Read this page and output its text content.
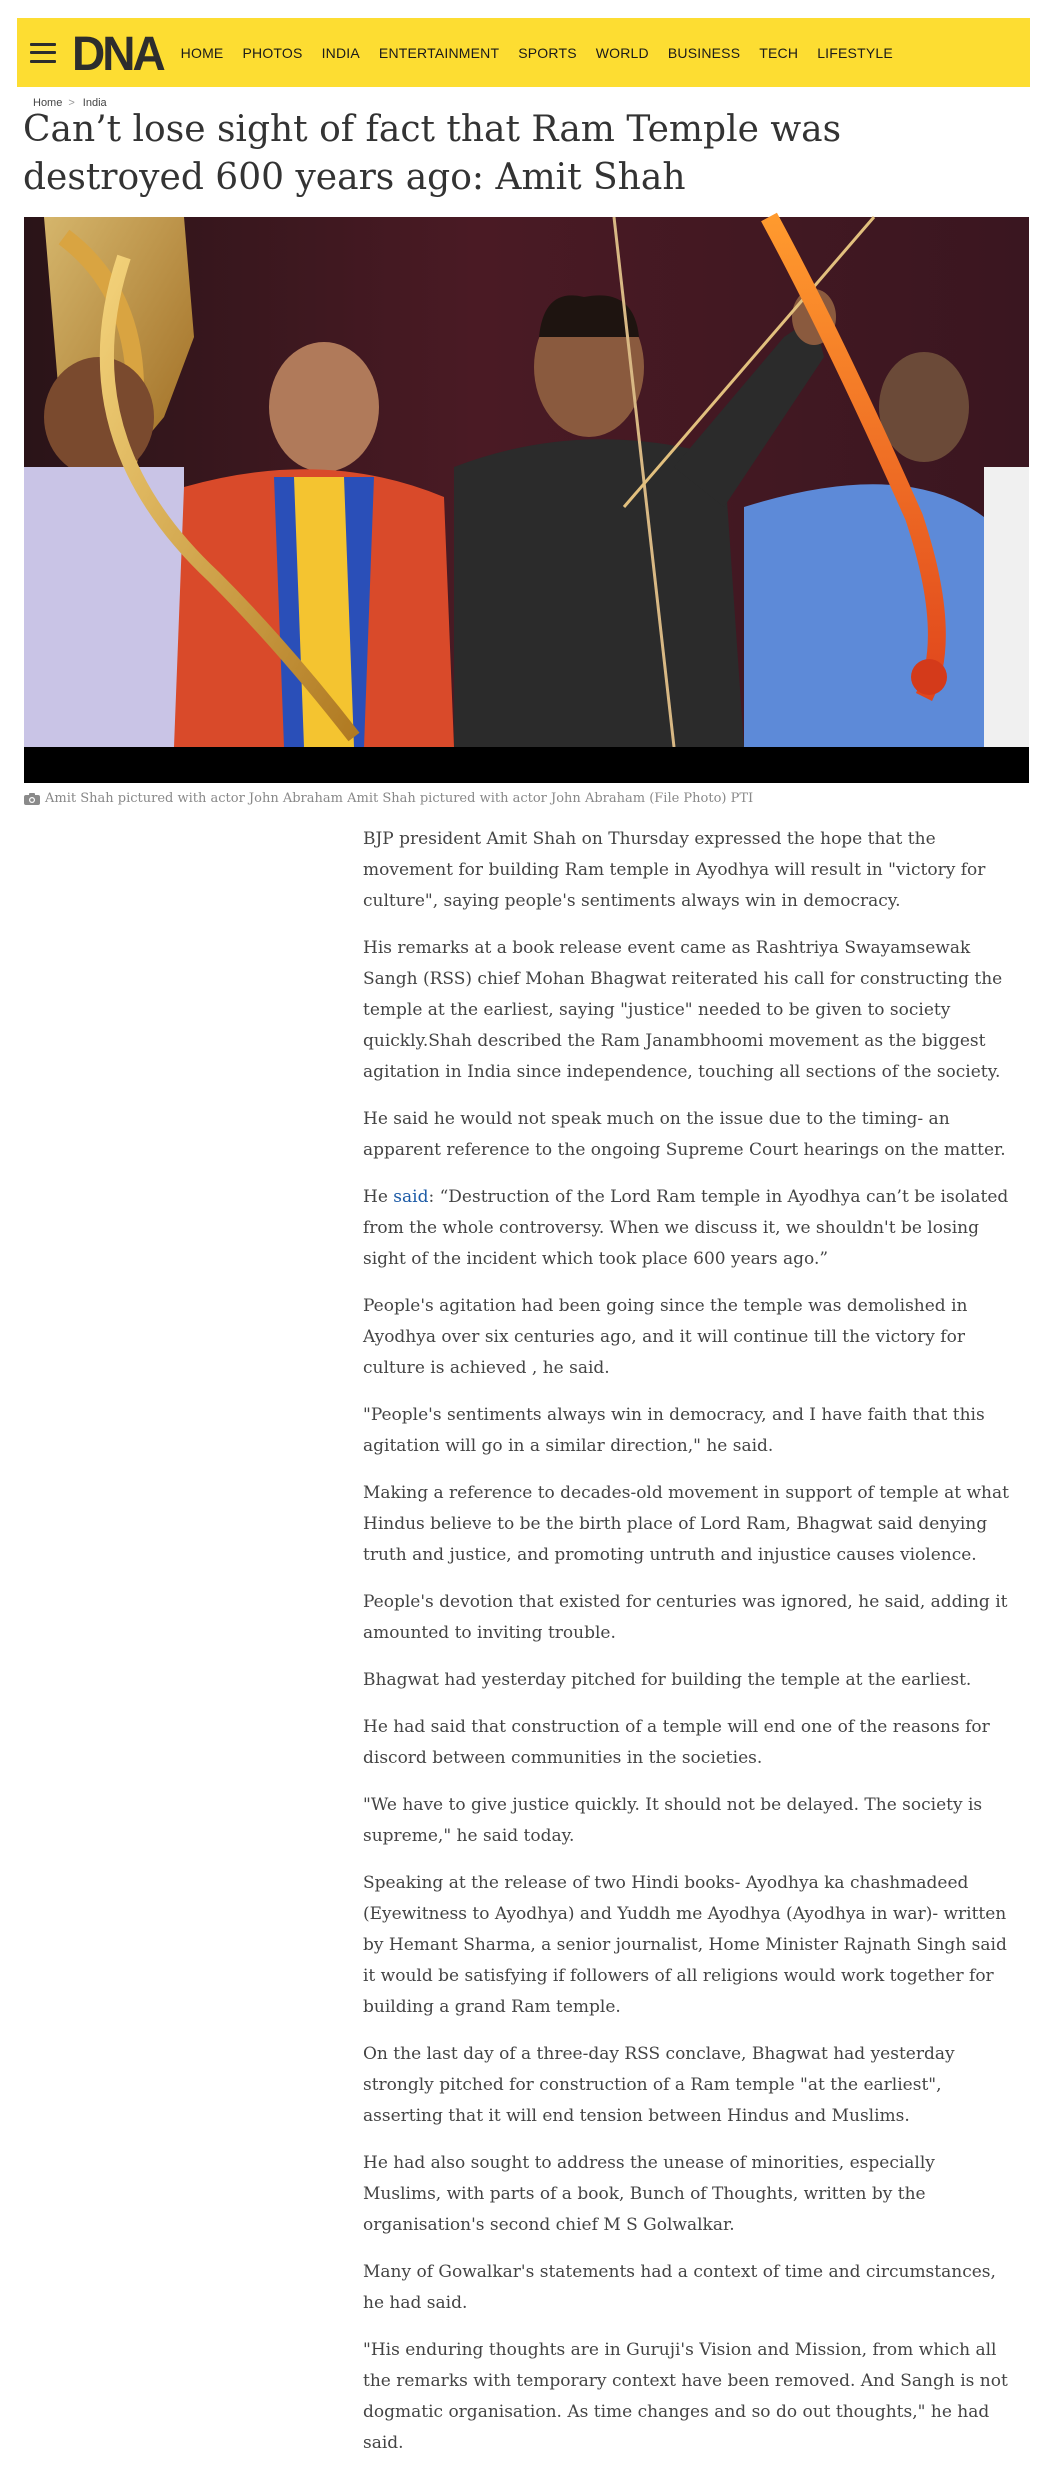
DNA HOME PHOTOS INDIA ENTERTAINMENT SPORTS WORLD BUSINESS TECH LIFESTYLE
Home > India
Can’t lose sight of fact that Ram Temple was destroyed 600 years ago: Amit Shah
Amit Shah pictured with actor John Abraham Amit Shah pictured with actor John Abraham (File Photo) PTI

BJP president Amit Shah on Thursday expressed the hope that the movement for building Ram temple in Ayodhya will result in "victory for culture", saying people's sentiments always win in democracy.

His remarks at a book release event came as Rashtriya Swayamsewak Sangh (RSS) chief Mohan Bhagwat reiterated his call for constructing the temple at the earliest, saying "justice" needed to be given to society quickly.Shah described the Ram Janambhoomi movement as the biggest agitation in India since independence, touching all sections of the society.

He said he would not speak much on the issue due to the timing- an apparent reference to the ongoing Supreme Court hearings on the matter.

He said: “Destruction of the Lord Ram temple in Ayodhya can’t be isolated from the whole controversy. When we discuss it, we shouldn't be losing sight of the incident which took place 600 years ago.”

People's agitation had been going since the temple was demolished in Ayodhya over six centuries ago, and it will continue till the victory for culture is achieved , he said.

"People's sentiments always win in democracy, and I have faith that this agitation will go in a similar direction," he said.

Making a reference to decades-old movement in support of temple at what Hindus believe to be the birth place of Lord Ram, Bhagwat said denying truth and justice, and promoting untruth and injustice causes violence.

People's devotion that existed for centuries was ignored, he said, adding it amounted to inviting trouble.

Bhagwat had yesterday pitched for building the temple at the earliest.

He had said that construction of a temple will end one of the reasons for discord between communities in the societies.

"We have to give justice quickly. It should not be delayed. The society is supreme," he said today.

Speaking at the release of two Hindi books- Ayodhya ka chashmadeed (Eyewitness to Ayodhya) and Yuddh me Ayodhya (Ayodhya in war)- written by Hemant Sharma, a senior journalist, Home Minister Rajnath Singh said it would be satisfying if followers of all religions would work together for building a grand Ram temple.

On the last day of a three-day RSS conclave, Bhagwat had yesterday strongly pitched for construction of a Ram temple "at the earliest", asserting that it will end tension between Hindus and Muslims.

He had also sought to address the unease of minorities, especially Muslims, with parts of a book, Bunch of Thoughts, written by the organisation's second chief M S Golwalkar.

Many of Gowalkar's statements had a context of time and circumstances, he had said.

"His enduring thoughts are in Guruji's Vision and Mission, from which all the remarks with temporary context have been removed. And Sangh is not dogmatic organisation. As time changes and so do out thoughts," he had said.
